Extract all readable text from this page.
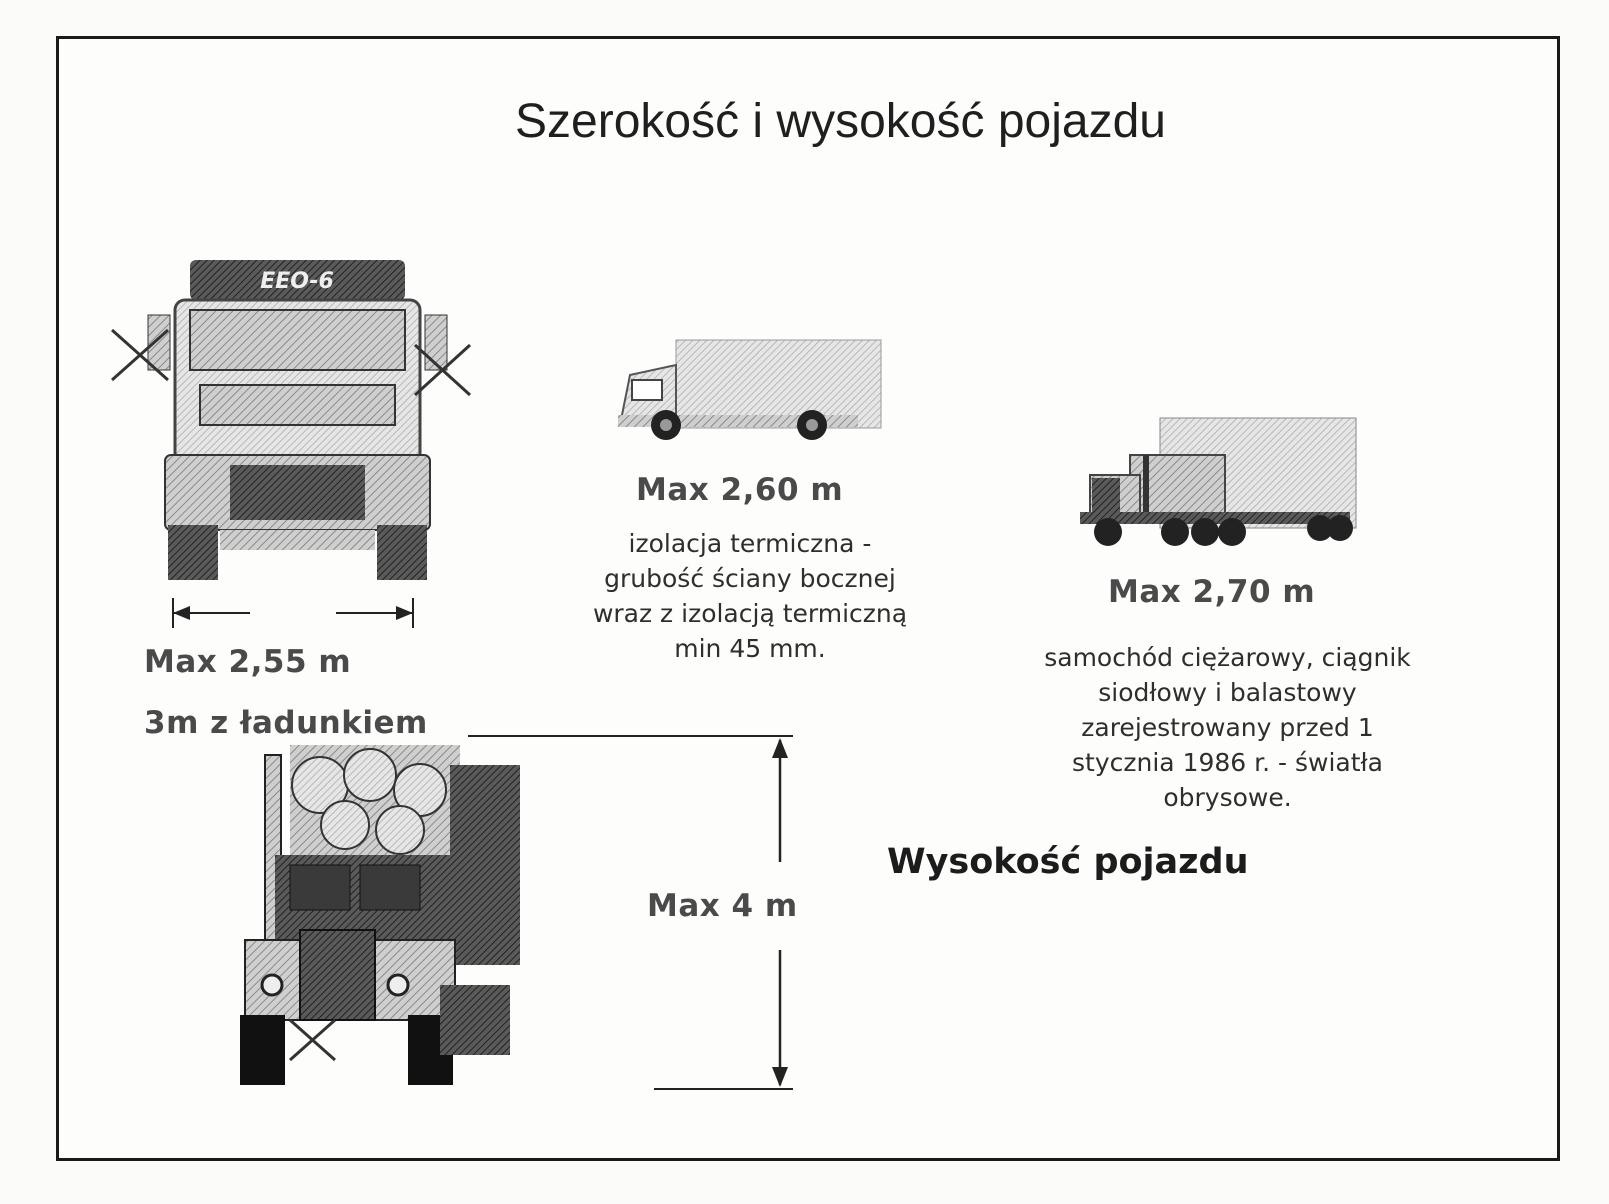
Szerokość i wysokość pojazdu
EEO-6
Max 2,55 m
3m z ładunkiem
Max 2,60 m
izolacja termiczna -
grubość ściany bocznej
wraz z izolacją termiczną
min 45 mm.
Max 2,70 m
samochód ciężarowy, ciągnik
siodłowy i balastowy
zarejestrowany przed 1
stycznia 1986 r. - światła
obrysowe.
Wysokość pojazdu
Max 4 m
